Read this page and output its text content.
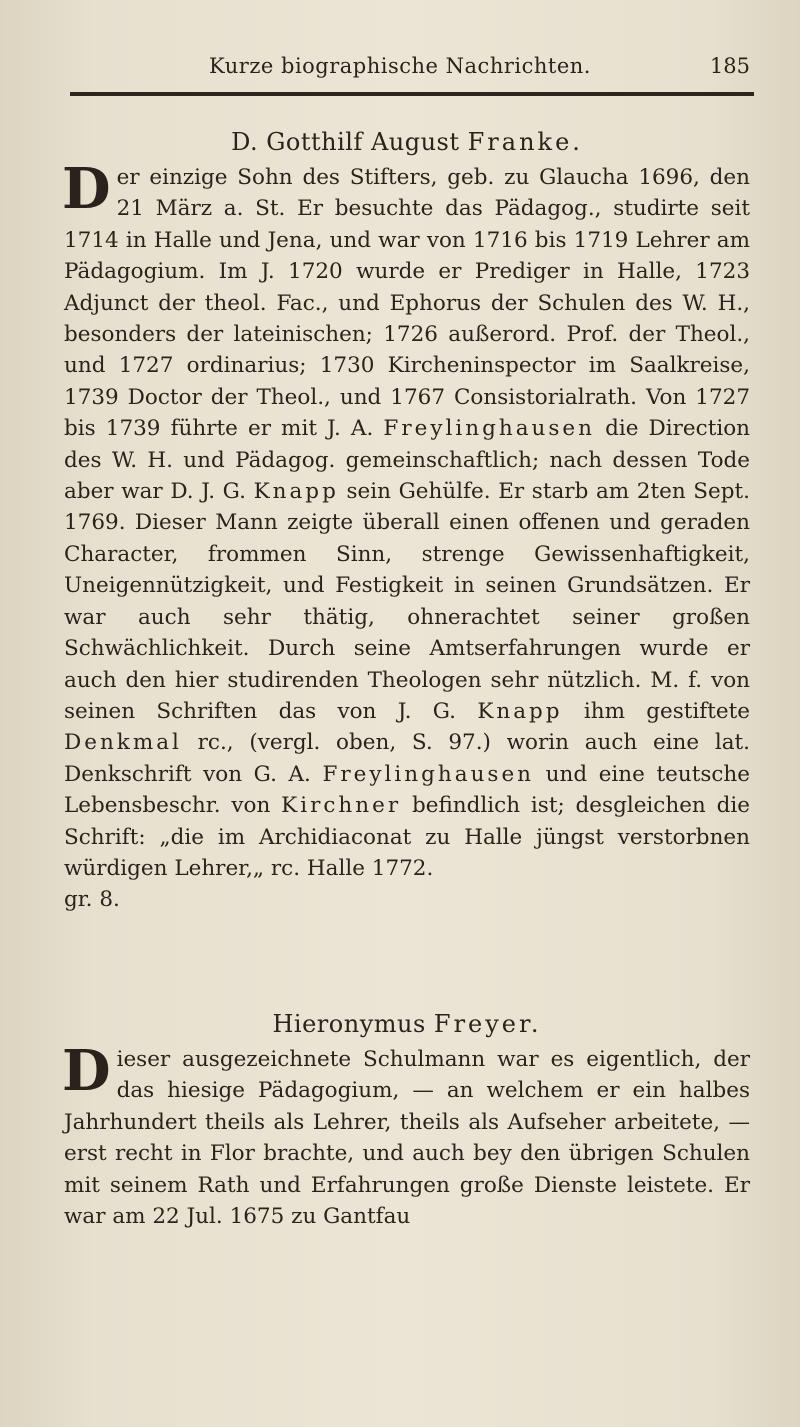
Kurze biographische Nachrichten.	185
D. Gotthilf August Franke.

Der einzige Sohn des Stifters, geb. zu Glaucha 1696, den 21 März a. St. Er besuchte das Pädagog., studirte seit 1714 in Halle und Jena, und war von 1716 bis 1719 Lehrer am Pädagogium. Im J. 1720 wurde er Prediger in Halle, 1723 Adjunct der theol. Fac., und Ephorus der Schulen des W. H., besonders der lateinischen; 1726 außerord. Prof. der Theol., und 1727 ordinarius; 1730 Kircheninspector im Saalkreise, 1739 Doctor der Theol., und 1767 Consistorialrath. Von 1727 bis 1739 führte er mit J. A. Freylinghausen die Direction des W. H. und Pädagog. gemeinschaftlich; nach dessen Tode aber war D. J. G. Knapp sein Gehülfe. Er starb am 2ten Sept. 1769. Dieser Mann zeigte überall einen offenen und geraden Character, frommen Sinn, strenge Gewissenhaftigkeit, Uneigennützigkeit, und Festigkeit in seinen Grundsätzen. Er war auch sehr thätig, ohnerachtet seiner großen Schwächlichkeit. Durch seine Amtserfahrungen wurde er auch den hier studirenden Theologen sehr nützlich. M. f. von seinen Schriften das von J. G. Knapp ihm gestiftete Denkmal rc., (vergl. oben, S. 97.) worin auch eine lat. Denkschrift von G. A. Freylinghausen und eine teutsche Lebensbeschr. von Kirchner befindlich ist; desgleichen die Schrift: „die im Archidiaconat zu Halle jüngst verstorbnen würdigen Lehrer,„ rc. Halle 1772.

gr. 8.
Hieronymus Freyer.

Dieser ausgezeichnete Schulmann war es eigentlich, der das hiesige Pädagogium, — an welchem er ein halbes Jahrhundert theils als Lehrer, theils als Aufseher arbeitete, — erst recht in Flor brachte, und auch bey den übrigen Schulen mit seinem Rath und Erfahrungen große Dienste leistete. Er war am 22 Jul. 1675 zu Gantfau
